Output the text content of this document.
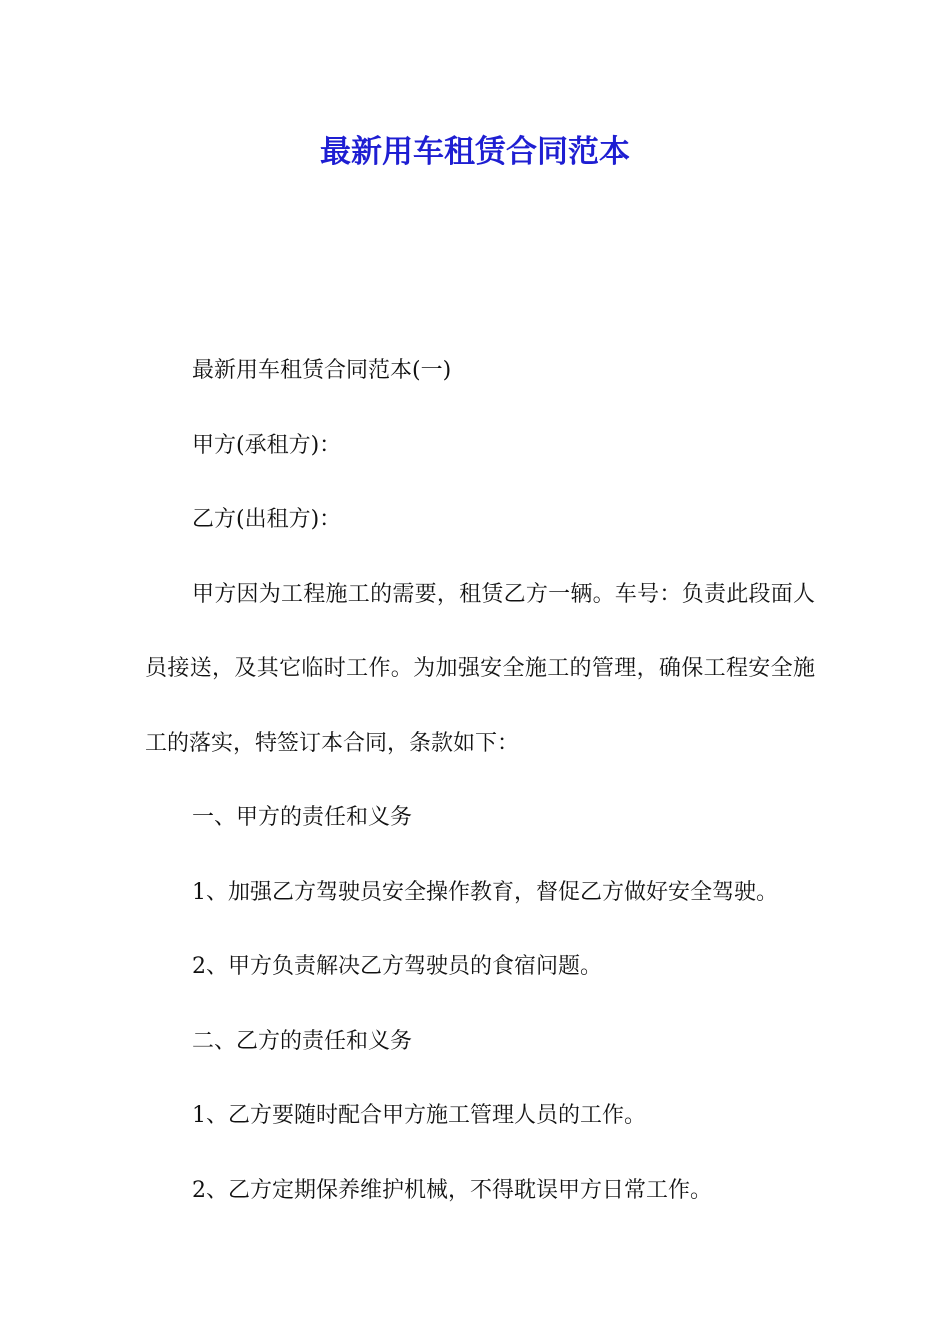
最新用车租赁合同范本

最新用车租赁合同范本(一)

甲方(承租方)：

乙方(出租方)：

甲方因为工程施工的需要，租赁乙方一辆。车号：负责此段面人员接送，及其它临时工作。为加强安全施工的管理，确保工程安全施工的落实，特签订本合同，条款如下：

一、甲方的责任和义务

1、加强乙方驾驶员安全操作教育，督促乙方做好安全驾驶。

2、甲方负责解决乙方驾驶员的食宿问题。

二、乙方的责任和义务

1、乙方要随时配合甲方施工管理人员的工作。

2、乙方定期保养维护机械，不得耽误甲方日常工作。
